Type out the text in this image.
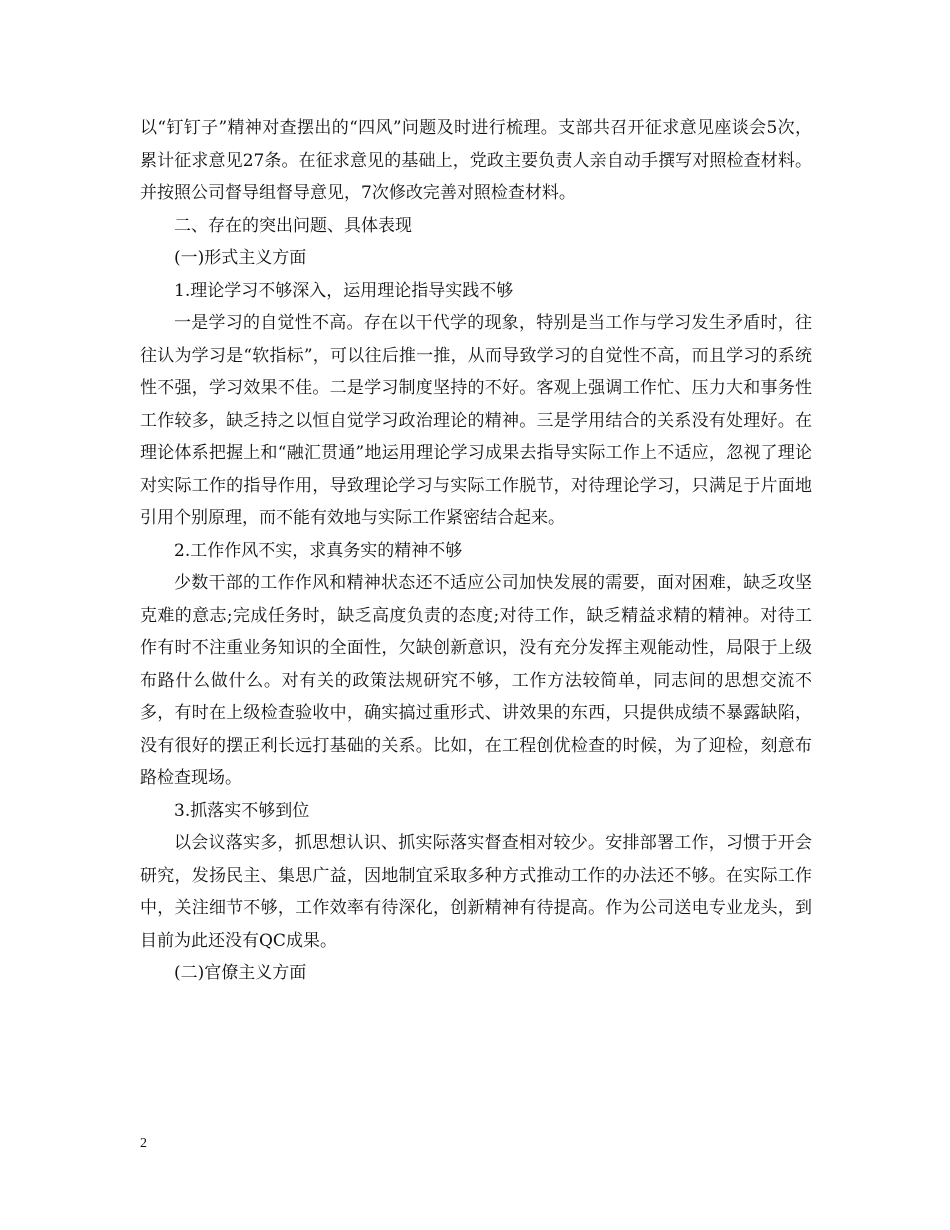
以“钉钉子”精神对查摆出的“四风”问题及时进行梳理。支部共召开征求意见座谈会5次，累计征求意见27条。在征求意见的基础上，党政主要负责人亲自动手撰写对照检查材料。并按照公司督导组督导意见，7次修改完善对照检查材料。

二、存在的突出问题、具体表现

(一)形式主义方面

1.理论学习不够深入，运用理论指导实践不够

一是学习的自觉性不高。存在以干代学的现象，特别是当工作与学习发生矛盾时，往往认为学习是“软指标”，可以往后推一推，从而导致学习的自觉性不高，而且学习的系统性不强，学习效果不佳。二是学习制度坚持的不好。客观上强调工作忙、压力大和事务性工作较多，缺乏持之以恒自觉学习政治理论的精神。三是学用结合的关系没有处理好。在理论体系把握上和“融汇贯通”地运用理论学习成果去指导实际工作上不适应，忽视了理论对实际工作的指导作用，导致理论学习与实际工作脱节，对待理论学习，只满足于片面地引用个别原理，而不能有效地与实际工作紧密结合起来。

2.工作作风不实，求真务实的精神不够

少数干部的工作作风和精神状态还不适应公司加快发展的需要，面对困难，缺乏攻坚克难的意志;完成任务时，缺乏高度负责的态度;对待工作，缺乏精益求精的精神。对待工作有时不注重业务知识的全面性，欠缺创新意识，没有充分发挥主观能动性，局限于上级布路什么做什么。对有关的政策法规研究不够，工作方法较简单，同志间的思想交流不多，有时在上级检查验收中，确实搞过重形式、讲效果的东西，只提供成绩不暴露缺陷，没有很好的摆正利长远打基础的关系。比如，在工程创优检查的时候，为了迎检，刻意布路检查现场。

3.抓落实不够到位

以会议落实多，抓思想认识、抓实际落实督查相对较少。安排部署工作，习惯于开会研究，发扬民主、集思广益，因地制宜采取多种方式推动工作的办法还不够。在实际工作中，关注细节不够，工作效率有待深化，创新精神有待提高。作为公司送电专业龙头，到目前为此还没有QC成果。

(二)官僚主义方面

2
